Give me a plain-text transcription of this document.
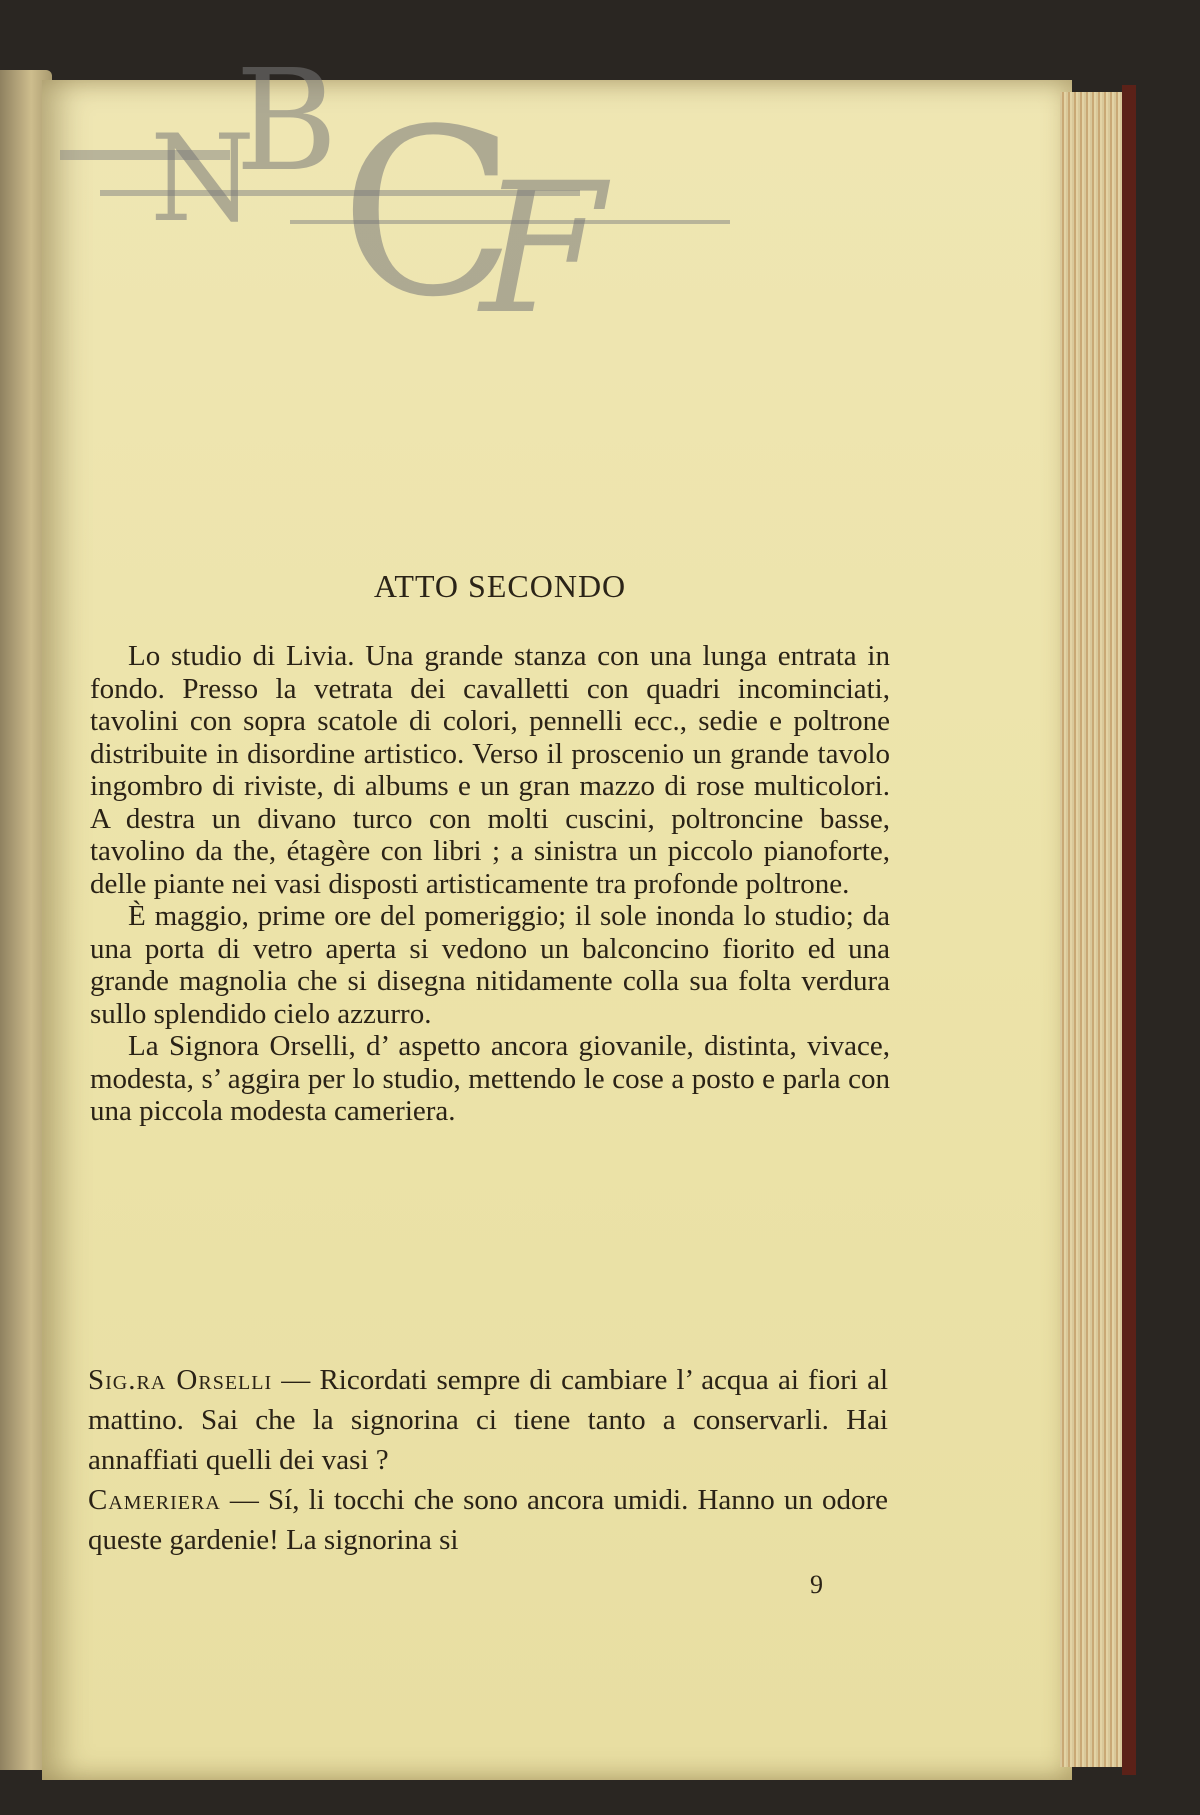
N
B C
F
ATTO SECONDO

Lo studio di Livia. Una grande stanza con una lunga entrata in fondo. Presso la vetrata dei cavalletti con quadri incominciati, tavolini con sopra scatole di colori, pennelli ecc., sedie e poltrone distribuite in disordine artistico. Verso il proscenio un grande tavolo ingombro di riviste, di albums e un gran mazzo di rose multicolori. A destra un divano turco con molti cuscini, poltroncine basse, tavolino da the, étagère con libri ; a sinistra un piccolo pianoforte, delle piante nei vasi disposti artisticamente tra profonde poltrone.

È maggio, prime ore del pomeriggio; il sole inonda lo studio; da una porta di vetro aperta si vedono un balconcino fiorito ed una grande magnolia che si disegna nitidamente colla sua folta verdura sullo splendido cielo azzurro.

La Signora Orselli, d’ aspetto ancora giovanile, distinta, vivace, modesta, s’ aggira per lo studio, mettendo le cose a posto e parla con una piccola modesta cameriera.

Sig.ra Orselli — Ricordati sempre di cambiare l’ acqua ai fiori al mattino. Sai che la signorina ci tiene tanto a conservarli. Hai annaffiati quelli dei vasi ?

Cameriera — Sí, li tocchi che sono ancora umidi. Hanno un odore queste gardenie! La signorina si

9
